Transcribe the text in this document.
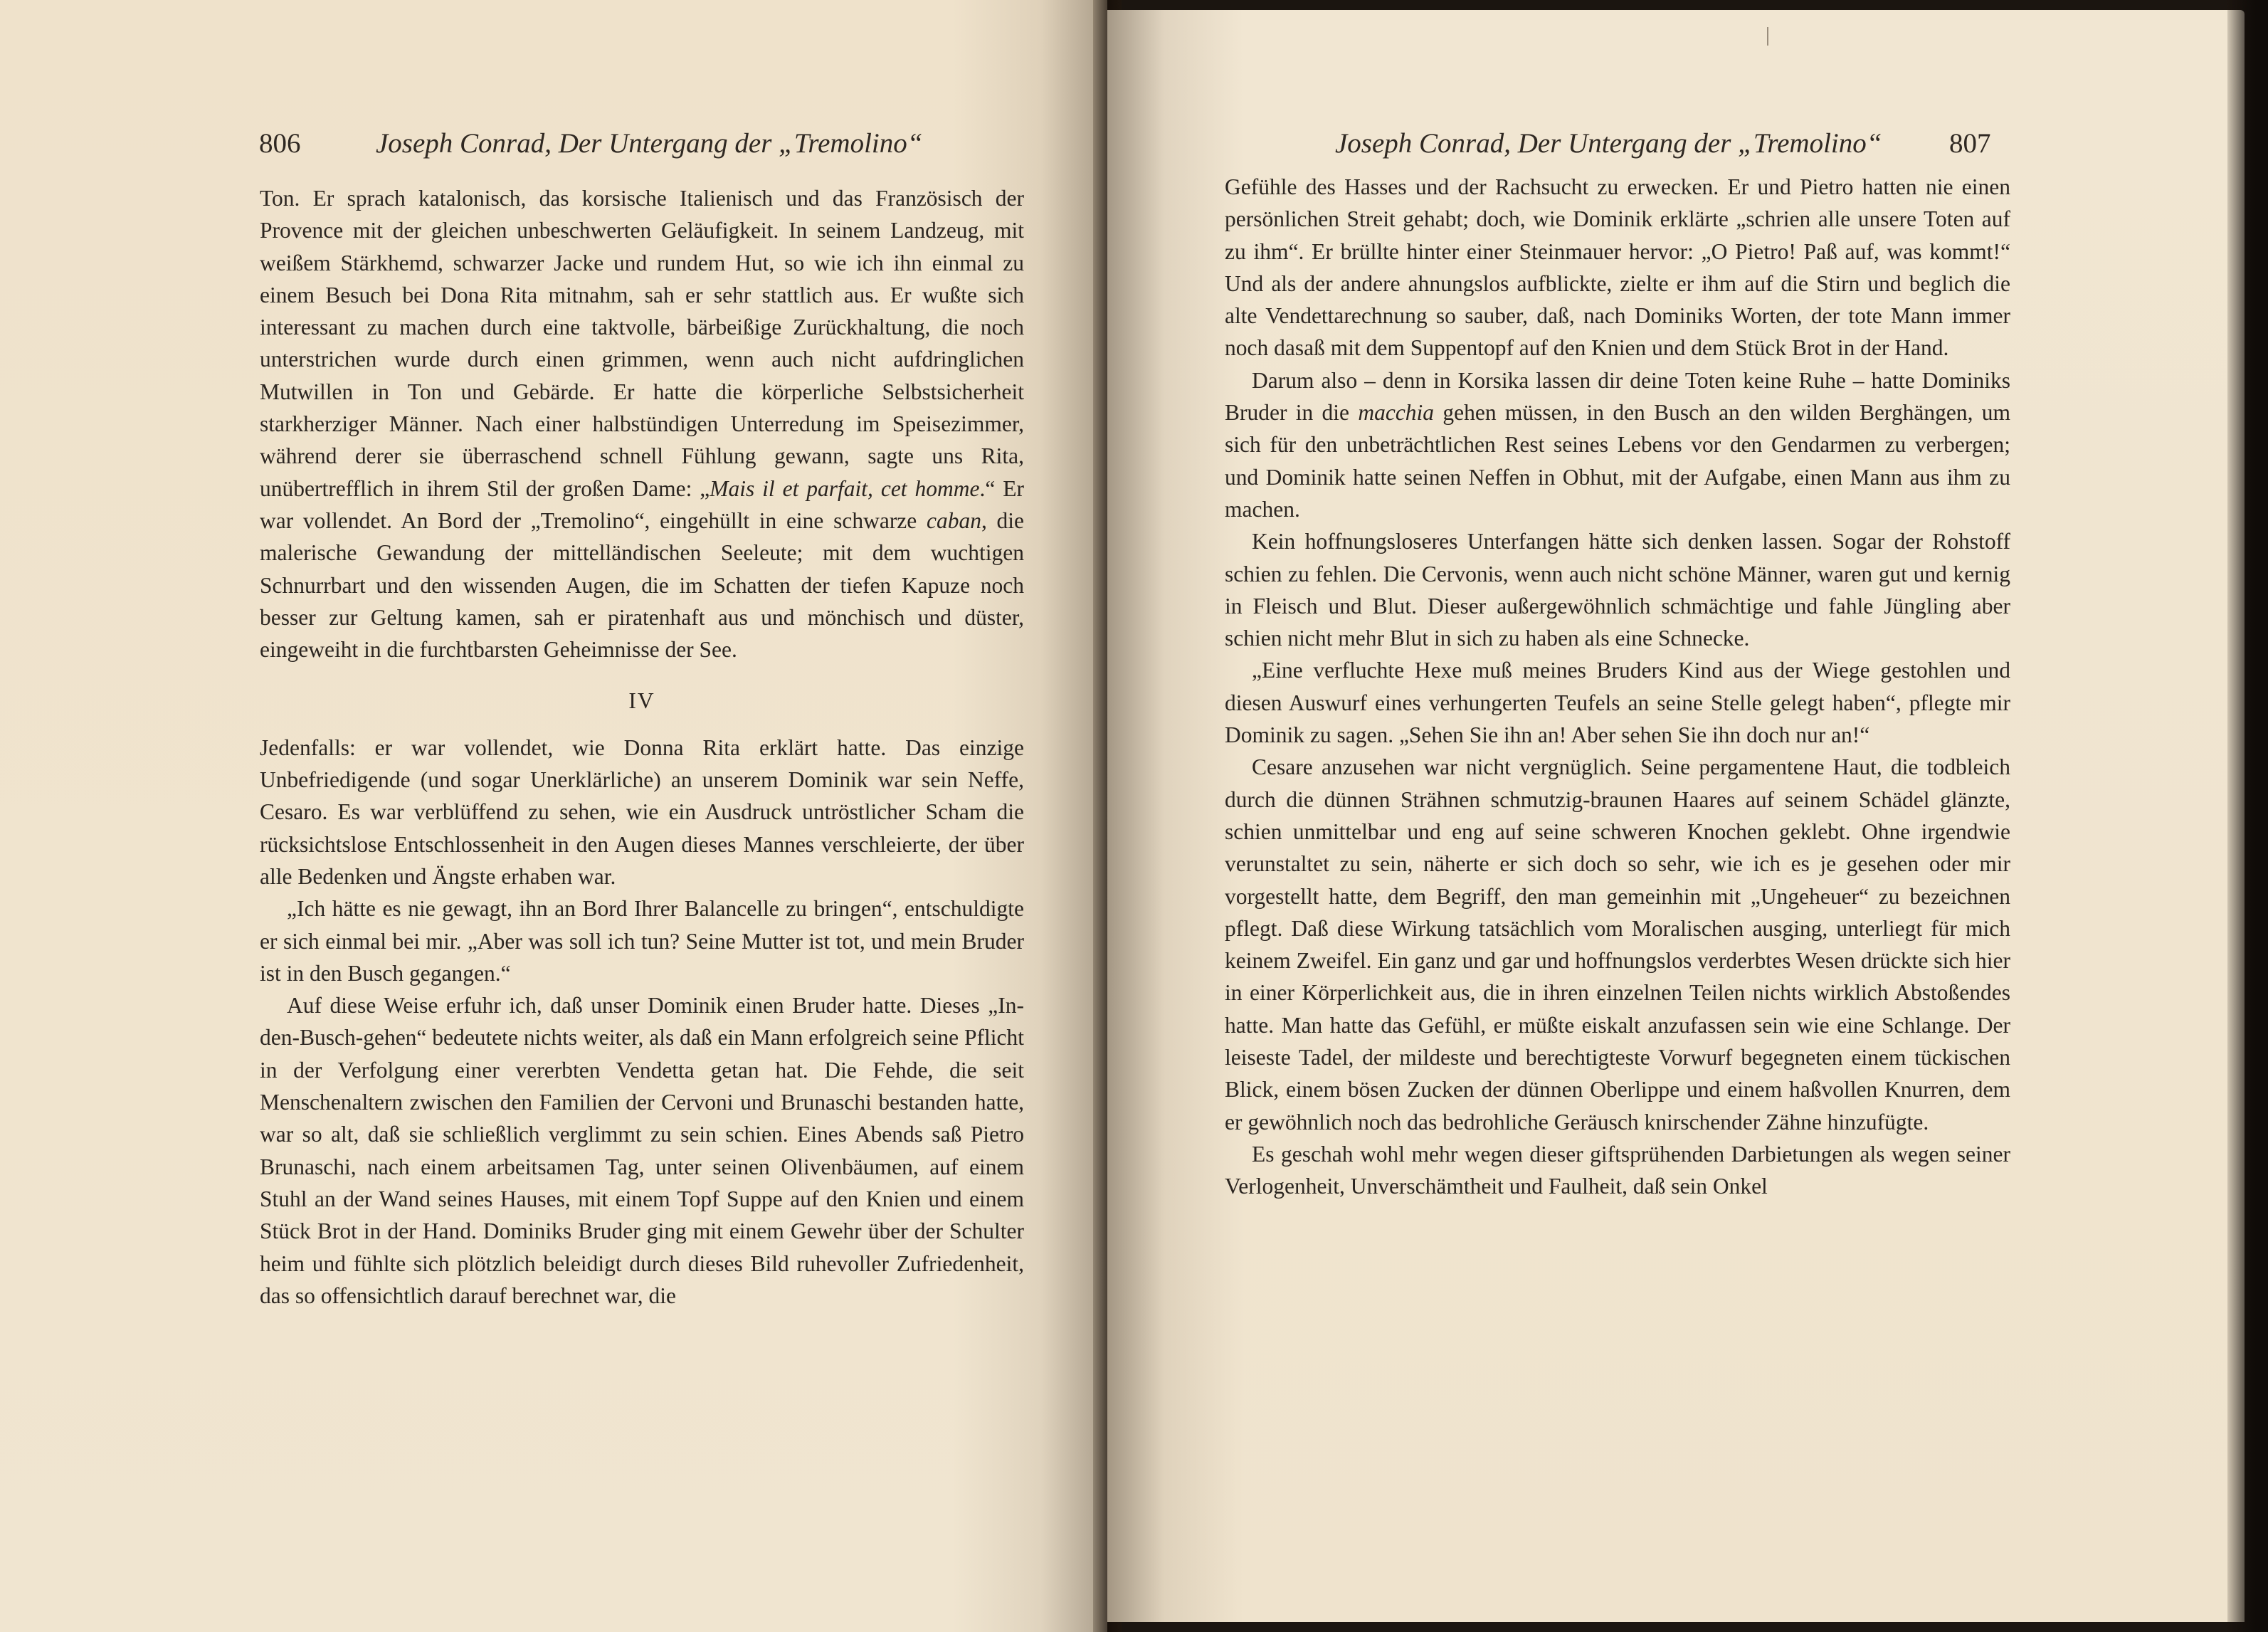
806	Joseph Conrad, Der Untergang der „Tremolino“

Ton. Er sprach katalonisch, das korsische Italienisch und das Französisch der Provence mit der gleichen unbeschwerten Geläufigkeit. In seinem Landzeug, mit weißem Stärkhemd, schwarzer Jacke und rundem Hut, so wie ich ihn einmal zu einem Besuch bei Dona Rita mitnahm, sah er sehr stattlich aus. Er wußte sich interessant zu machen durch eine taktvolle, bärbeißige Zurückhaltung, die noch unterstrichen wurde durch einen grimmen, wenn auch nicht aufdringlichen Mutwillen in Ton und Gebärde. Er hatte die körperliche Selbstsicherheit starkherziger Männer. Nach einer halbstündigen Unterredung im Speisezimmer, während derer sie überraschend schnell Fühlung gewann, sagte uns Rita, unübertrefflich in ihrem Stil der großen Dame: „Mais il et parfait, cet homme.“ Er war vollendet. An Bord der „Tremolino“, eingehüllt in eine schwarze caban, die malerische Gewandung der mittelländischen Seeleute; mit dem wuchtigen Schnurrbart und den wissenden Augen, die im Schatten der tiefen Kapuze noch besser zur Geltung kamen, sah er piratenhaft aus und mönchisch und düster, eingeweiht in die furchtbarsten Geheimnisse der See.

IV

Jedenfalls: er war vollendet, wie Donna Rita erklärt hatte. Das einzige Unbefriedigende (und sogar Unerklärliche) an unserem Dominik war sein Neffe, Cesaro. Es war verblüffend zu sehen, wie ein Ausdruck untröstlicher Scham die rücksichtslose Entschlossenheit in den Augen dieses Mannes verschleierte, der über alle Bedenken und Ängste erhaben war.

„Ich hätte es nie gewagt, ihn an Bord Ihrer Balancelle zu bringen“, entschuldigte er sich einmal bei mir. „Aber was soll ich tun? Seine Mutter ist tot, und mein Bruder ist in den Busch gegangen.“

Auf diese Weise erfuhr ich, daß unser Dominik einen Bruder hatte. Dieses „In-den-Busch-gehen“ bedeutete nichts weiter, als daß ein Mann erfolgreich seine Pflicht in der Verfolgung einer vererbten Vendetta getan hat. Die Fehde, die seit Menschenaltern zwischen den Familien der Cervoni und Brunaschi bestanden hatte, war so alt, daß sie schließlich verglimmt zu sein schien. Eines Abends saß Pietro Brunaschi, nach einem arbeitsamen Tag, unter seinen Olivenbäumen, auf einem Stuhl an der Wand seines Hauses, mit einem Topf Suppe auf den Knien und einem Stück Brot in der Hand. Dominiks Bruder ging mit einem Gewehr über der Schulter heim und fühlte sich plötzlich beleidigt durch dieses Bild ruhevoller Zufriedenheit, das so offensichtlich darauf berechnet war, die

Joseph Conrad, Der Untergang der „Tremolino“ 807

Gefühle des Hasses und der Rachsucht zu erwecken. Er und Pietro hatten nie einen persönlichen Streit gehabt; doch, wie Dominik erklärte „schrien alle unsere Toten auf zu ihm“. Er brüllte hinter einer Steinmauer hervor: „O Pietro! Paß auf, was kommt!“ Und als der andere ahnungslos aufblickte, zielte er ihm auf die Stirn und beglich die alte Vendettarechnung so sauber, daß, nach Dominiks Worten, der tote Mann immer noch dasaß mit dem Suppentopf auf den Knien und dem Stück Brot in der Hand.

Darum also – denn in Korsika lassen dir deine Toten keine Ruhe – hatte Dominiks Bruder in die macchia gehen müssen, in den Busch an den wilden Berghängen, um sich für den unbeträchtlichen Rest seines Lebens vor den Gendarmen zu verbergen; und Dominik hatte seinen Neffen in Obhut, mit der Aufgabe, einen Mann aus ihm zu machen.

Kein hoffnungsloseres Unterfangen hätte sich denken lassen. Sogar der Rohstoff schien zu fehlen. Die Cervonis, wenn auch nicht schöne Männer, waren gut und kernig in Fleisch und Blut. Dieser außergewöhnlich schmächtige und fahle Jüngling aber schien nicht mehr Blut in sich zu haben als eine Schnecke.

„Eine verfluchte Hexe muß meines Bruders Kind aus der Wiege gestohlen und diesen Auswurf eines verhungerten Teufels an seine Stelle gelegt haben“, pflegte mir Dominik zu sagen. „Sehen Sie ihn an! Aber sehen Sie ihn doch nur an!“

Cesare anzusehen war nicht vergnüglich. Seine pergamentene Haut, die todbleich durch die dünnen Strähnen schmutzig-braunen Haares auf seinem Schädel glänzte, schien unmittelbar und eng auf seine schweren Knochen geklebt. Ohne irgendwie verunstaltet zu sein, näherte er sich doch so sehr, wie ich es je gesehen oder mir vorgestellt hatte, dem Begriff, den man gemeinhin mit „Ungeheuer“ zu bezeichnen pflegt. Daß diese Wirkung tatsächlich vom Moralischen ausging, unterliegt für mich keinem Zweifel. Ein ganz und gar und hoffnungslos verderbtes Wesen drückte sich hier in einer Körperlichkeit aus, die in ihren einzelnen Teilen nichts wirklich Abstoßendes hatte. Man hatte das Gefühl, er müßte eiskalt anzufassen sein wie eine Schlange. Der leiseste Tadel, der mildeste und berechtigteste Vorwurf begegneten einem tückischen Blick, einem bösen Zucken der dünnen Oberlippe und einem haßvollen Knurren, dem er gewöhnlich noch das bedrohliche Geräusch knirschender Zähne hinzufügte.

Es geschah wohl mehr wegen dieser giftsprühenden Darbietungen als wegen seiner Verlogenheit, Unverschämtheit und Faulheit, daß sein Onkel
